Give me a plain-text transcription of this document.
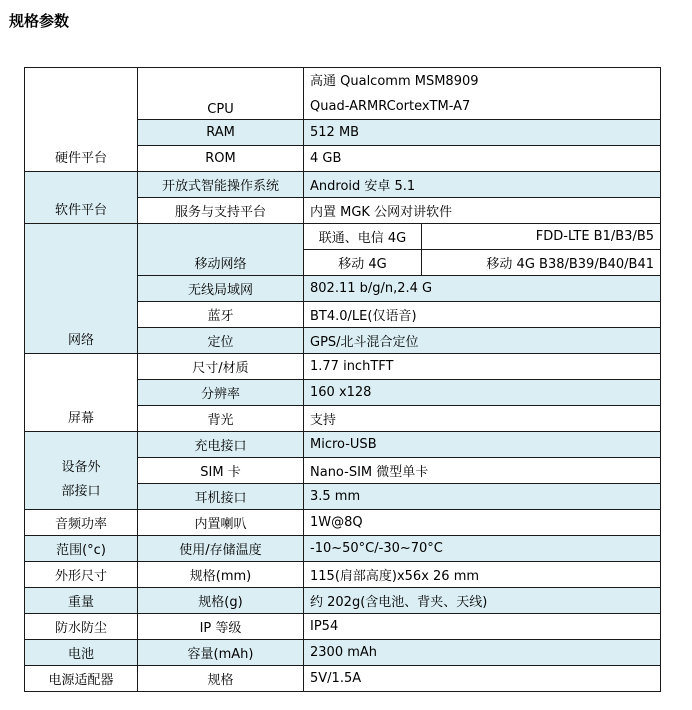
规格参数
硬件平台	CPU	高通 Qualcomm MSM8909
Quad-ARMRCortexTM-A7	

	RAM	512 MB	
	ROM	4 GB	
软件平台	开放式智能操作系统	Android 安卓 5.1	
	服务与支持平台	内置 MGK 公网对讲软件	
网络	移动网络	联通、电信 4G	FDD-LTE B1/B3/B5
		移动 4G	移动 4G B38/B39/B40/B41
	无线局域网	802.11 b/g/n,2.4 G	
	蓝牙	BT4.0/LE(仅语音)	
	定位	GPS/北斗混合定位	
屏幕	尺寸/材质	1.77 inchTFT	
	分辨率	160 x128	
	背光	支持	

设备外
部接口	充电接口	Micro-USB	
	SIM 卡	Nano-SIM 微型单卡	
	耳机接口	3.5 mm	
音频功率	内置喇叭	1W@8Q	
范围(°c)	使用/存储温度	-10~50°C/-30~70°C	
外形尺寸	规格(mm)	115(肩部高度)x56x 26 mm	
重量	规格(g)	约 202g(含电池、背夹、天线)	
防水防尘	IP 等级	IP54	
电池	容量(mAh)	2300 mAh	
电源适配器	规格	5V/1.5A	
